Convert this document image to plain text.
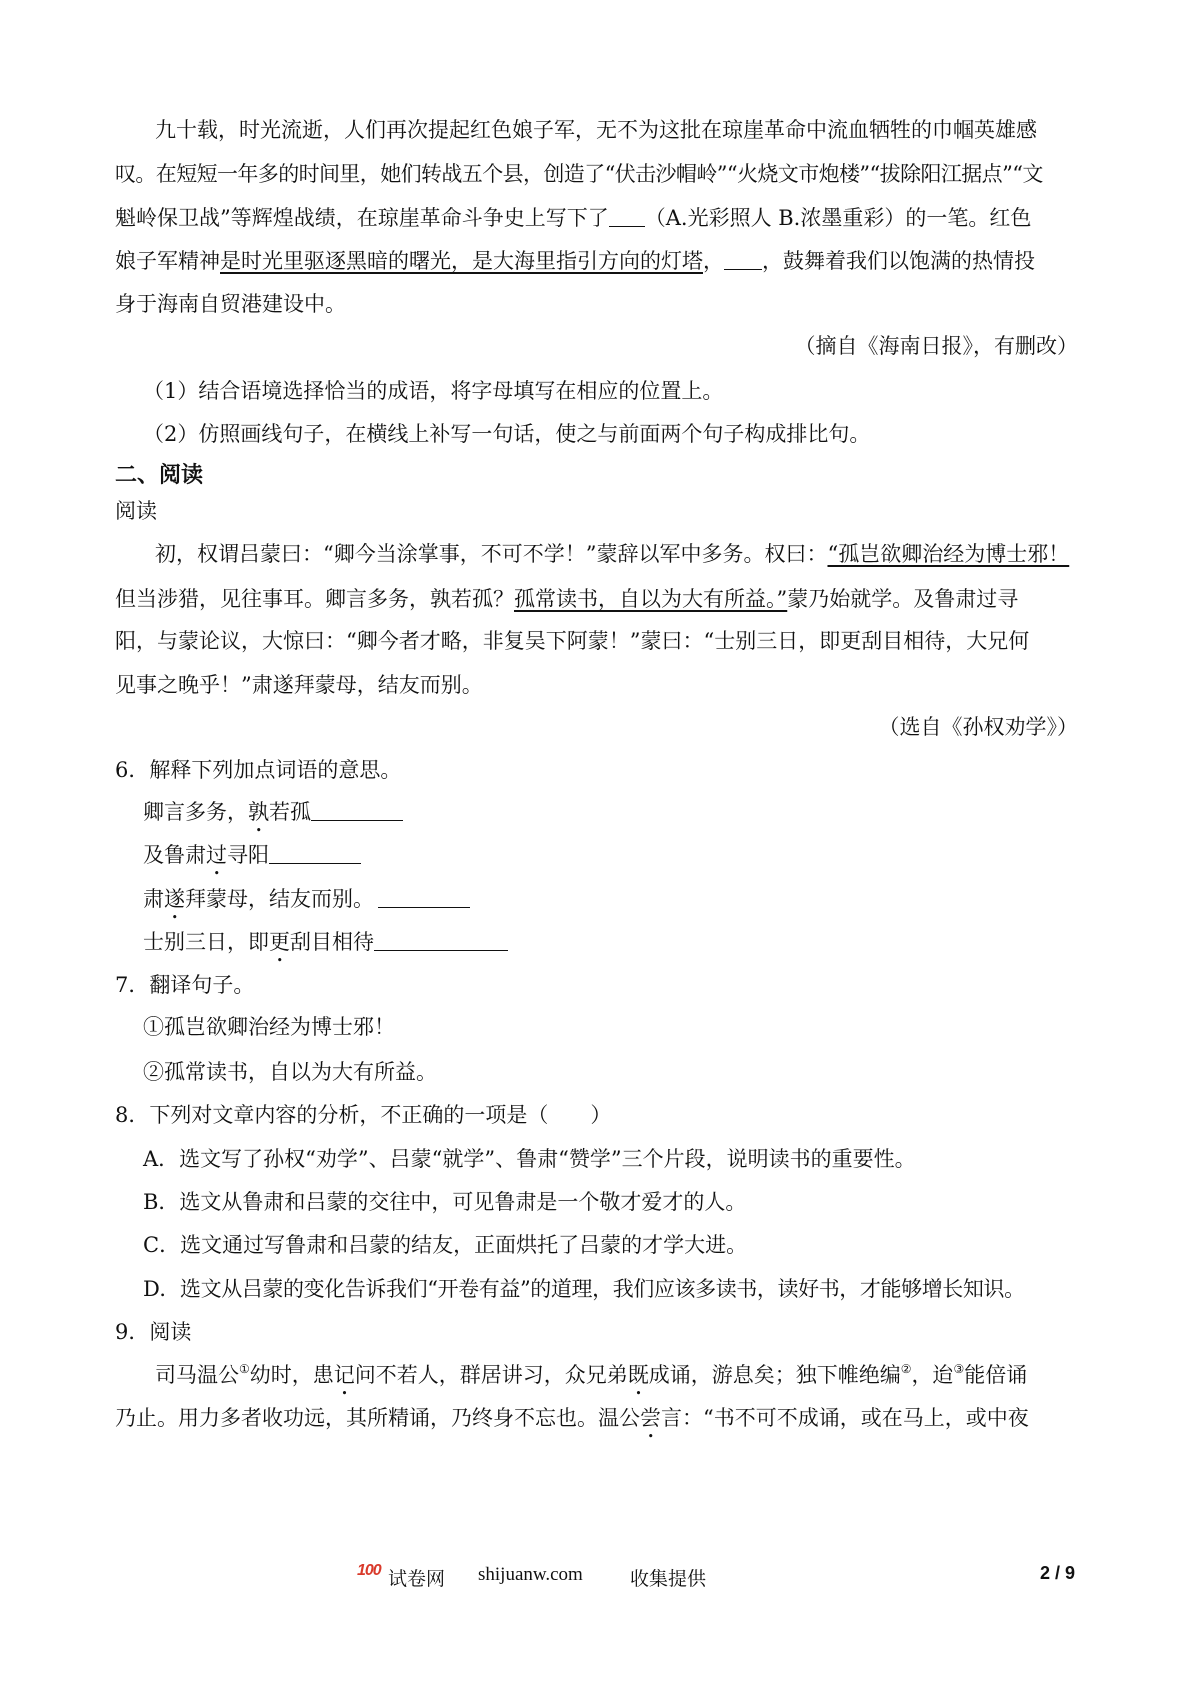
九十载，时光流逝，人们再次提起红色娘子军，无不为这批在琼崖革命中流血牺牲的巾帼英雄感
叹。在短短一年多的时间里，她们转战五个县，创造了“伏击沙帽岭”“火烧文市炮楼”“拔除阳江据点”“文
魁岭保卫战”等辉煌战绩，在琼崖革命斗争史上写下了 （A.光彩照人 B.浓墨重彩）的一笔。红色
娘子军精神是时光里驱逐黑暗的曙光，是大海里指引方向的灯塔， ，鼓舞着我们以饱满的热情投
身于海南自贸港建设中。
（摘自《海南日报》，有删改）
（1）结合语境选择恰当的成语，将字母填写在相应的位置上。
（2）仿照画线句子，在横线上补写一句话，使之与前面两个句子构成排比句。
二、阅读
阅读
初，权谓吕蒙曰：“卿今当涂掌事，不可不学！”蒙辞以军中多务。权曰：“孤岂欲卿治经为博士邪！
但当涉猎，见往事耳。卿言多务，孰若孤？孤常读书，自以为大有所益。”蒙乃始就学。及鲁肃过寻
阳，与蒙论议，大惊曰：“卿今者才略，非复吴下阿蒙！”蒙曰：“士别三日，即更刮目相待，大兄何
见事之晚乎！”肃遂拜蒙母，结友而别。
（选自《孙权劝学》）
6．解释下列加点词语的意思。
卿言多务，孰若孤
及鲁肃过寻阳
肃遂拜蒙母，结友而别。
士别三日，即更刮目相待
7．翻译句子。
①孤岂欲卿治经为博士邪！
②孤常读书，自以为大有所益。
8．下列对文章内容的分析，不正确的一项是（　　）
A．选文写了孙权“劝学”、吕蒙“就学”、鲁肃“赞学”三个片段，说明读书的重要性。
B．选文从鲁肃和吕蒙的交往中，可见鲁肃是一个敬才爱才的人。
C．选文通过写鲁肃和吕蒙的结友，正面烘托了吕蒙的才学大进。
D．选文从吕蒙的变化告诉我们“开卷有益”的道理，我们应该多读书，读好书，才能够增长知识。
9．阅读
司马温公①幼时，患记问不若人，群居讲习，众兄弟既成诵，游息矣；独下帷绝编②，迨③能倍诵
乃止。用力多者收功远，其所精诵，乃终身不忘也。温公尝言：“书不可不成诵，或在马上，或中夜
100 试卷网 shijuanw.com 收集提供	2 / 9
